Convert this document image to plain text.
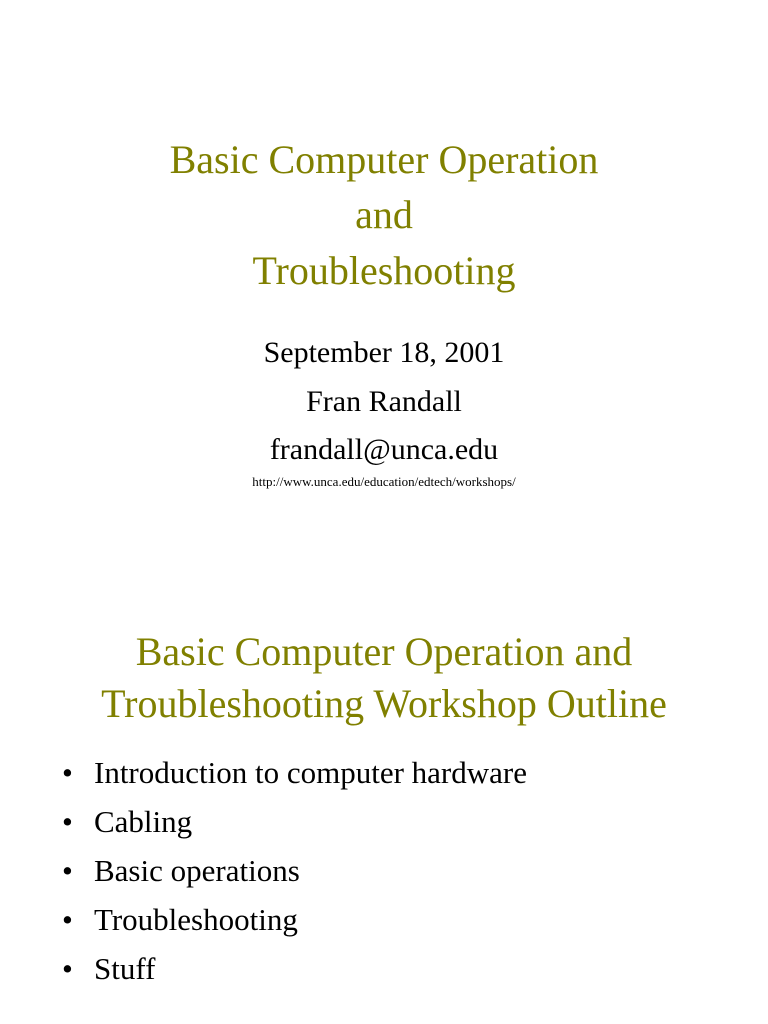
Basic Computer Operation
and
Troubleshooting
September 18, 2001
Fran Randall
frandall@unca.edu
http://www.unca.edu/education/edtech/workshops/
Basic Computer Operation and
Troubleshooting Workshop Outline
• Introduction to computer hardware
• Cabling
• Basic operations
• Troubleshooting
• Stuff
